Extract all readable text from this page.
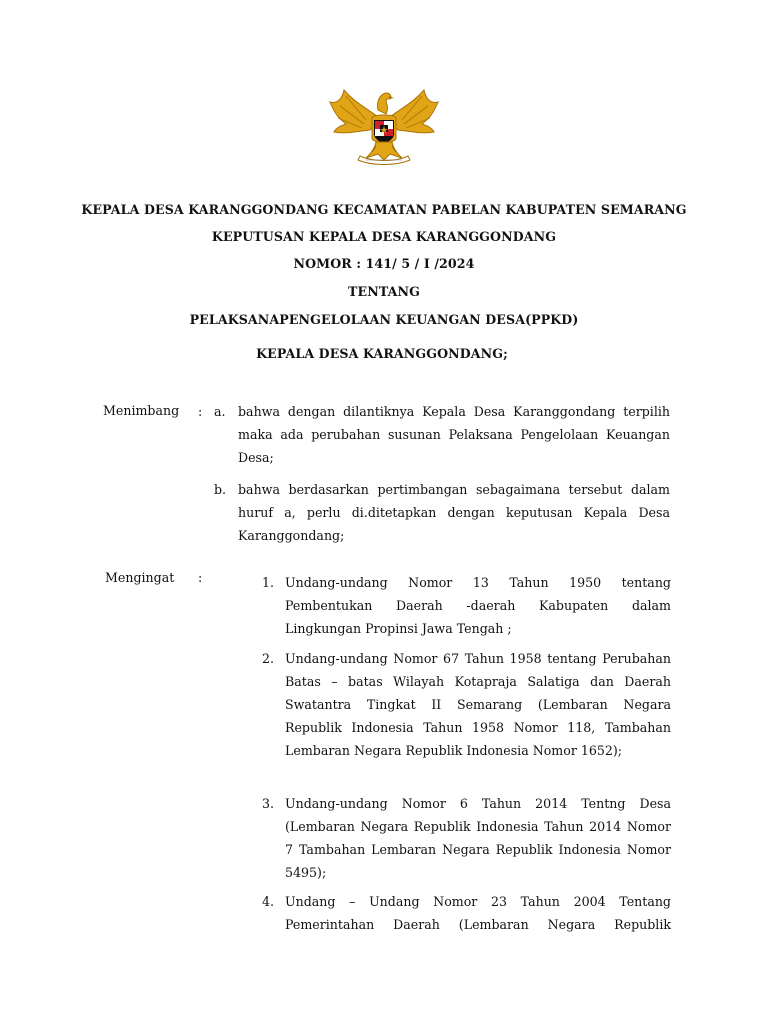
KEPALA DESA KARANGGONDANG KECAMATAN PABELAN KABUPATEN SEMARANG
KEPUTUSAN KEPALA DESA KARANGGONDANG
NOMOR : 141/ 5 / I /2024
TENTANG
PELAKSANAPENGELOLAAN KEUANGAN DESA(PPKD)
KEPALA DESA KARANGGONDANG;
Menimbang : a. bahwa dengan dilantiknya Kepala Desa Karanggondang terpilih maka ada perubahan susunan Pelaksana Pengelolaan Keuangan Desa;
b. bahwa berdasarkan pertimbangan sebagaimana tersebut dalam huruf a, perlu di.ditetapkan dengan keputusan Kepala Desa Karanggondang;
Mengingat :	1. Undang-undang Nomor 13 Tahun 1950 tentang Pembentukan Daerah -daerah Kabupaten dalam Lingkungan Propinsi Jawa Tengah ;
2. Undang-undang Nomor 67 Tahun 1958 tentang Perubahan Batas – batas Wilayah Kotapraja Salatiga dan Daerah Swatantra Tingkat II Semarang (Lembaran Negara Republik Indonesia Tahun 1958 Nomor 118, Tambahan Lembaran Negara Republik Indonesia Nomor 1652);
3. Undang-undang Nomor 6 Tahun 2014 Tentng Desa (Lembaran Negara Republik Indonesia Tahun 2014 Nomor 7 Tambahan Lembaran Negara Republik Indonesia Nomor 5495);
4. Undang – Undang Nomor 23 Tahun 2004 Tentang Pemerintahan Daerah (Lembaran Negara Republik
